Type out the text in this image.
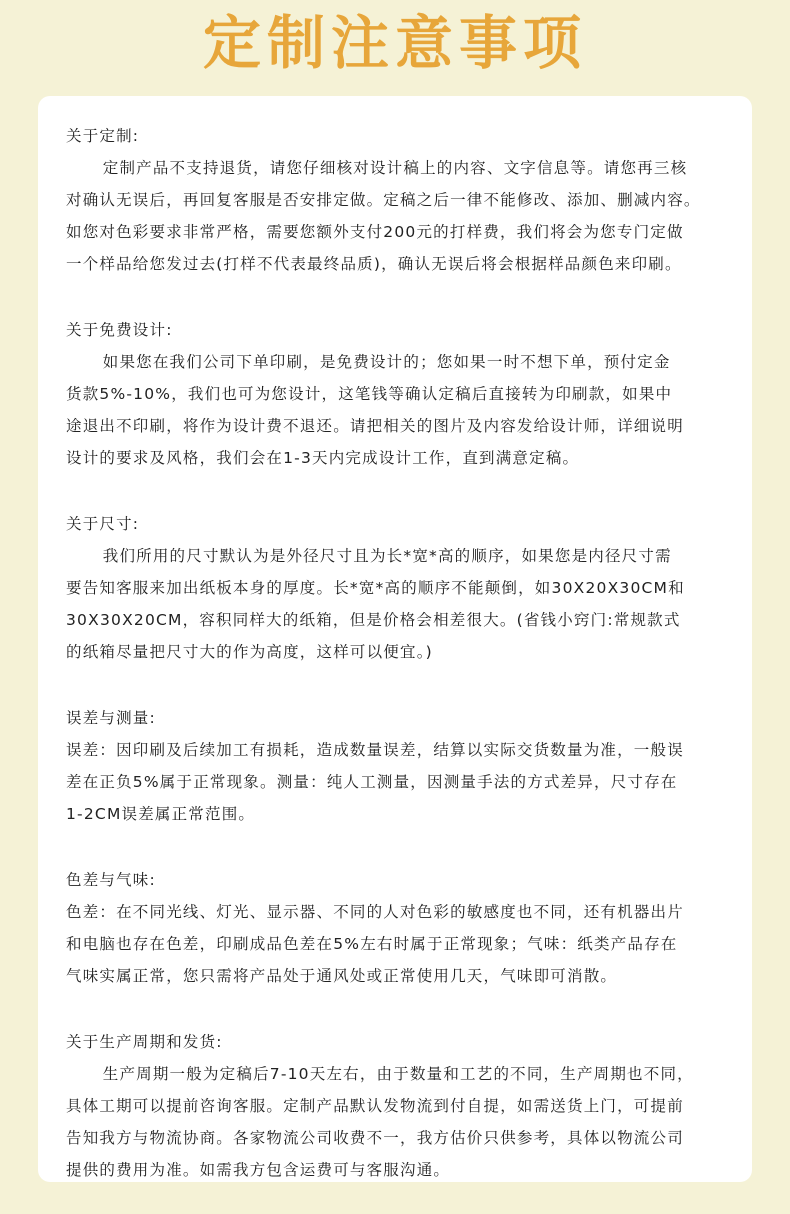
定制注意事项
关于定制:
定制产品不支持退货，请您仔细核对设计稿上的内容、文字信息等。请您再三核
对确认无误后，再回复客服是否安排定做。定稿之后一律不能修改、添加、删减内容。
如您对色彩要求非常严格，需要您额外支付200元的打样费，我们将会为您专门定做
一个样品给您发过去(打样不代表最终品质)，确认无误后将会根据样品颜色来印刷。
关于免费设计:
如果您在我们公司下单印刷，是免费设计的；您如果一时不想下单，预付定金
货款5%-10%，我们也可为您设计，这笔钱等确认定稿后直接转为印刷款，如果中
途退出不印刷，将作为设计费不退还。请把相关的图片及内容发给设计师，详细说明
设计的要求及风格，我们会在1-3天内完成设计工作，直到满意定稿。
关于尺寸:
我们所用的尺寸默认为是外径尺寸且为长*宽*高的顺序，如果您是内径尺寸需
要告知客服来加出纸板本身的厚度。长*宽*高的顺序不能颠倒，如30X20X30CM和
30X30X20CM，容积同样大的纸箱，但是价格会相差很大。(省钱小窍门:常规款式
的纸箱尽量把尺寸大的作为高度，这样可以便宜。)
误差与测量:
误差：因印刷及后续加工有损耗，造成数量误差，结算以实际交货数量为准，一般误
差在正负5%属于正常现象。测量：纯人工测量，因测量手法的方式差异，尺寸存在
1-2CM误差属正常范围。
色差与气味:
色差：在不同光线、灯光、显示器、不同的人对色彩的敏感度也不同，还有机器出片
和电脑也存在色差，印刷成品色差在5%左右时属于正常现象；气味：纸类产品存在
气味实属正常，您只需将产品处于通风处或正常使用几天，气味即可消散。
关于生产周期和发货:
生产周期一般为定稿后7-10天左右，由于数量和工艺的不同，生产周期也不同，
具体工期可以提前咨询客服。定制产品默认发物流到付自提，如需送货上门，可提前
告知我方与物流协商。各家物流公司收费不一，我方估价只供参考，具体以物流公司
提供的费用为准。如需我方包含运费可与客服沟通。
